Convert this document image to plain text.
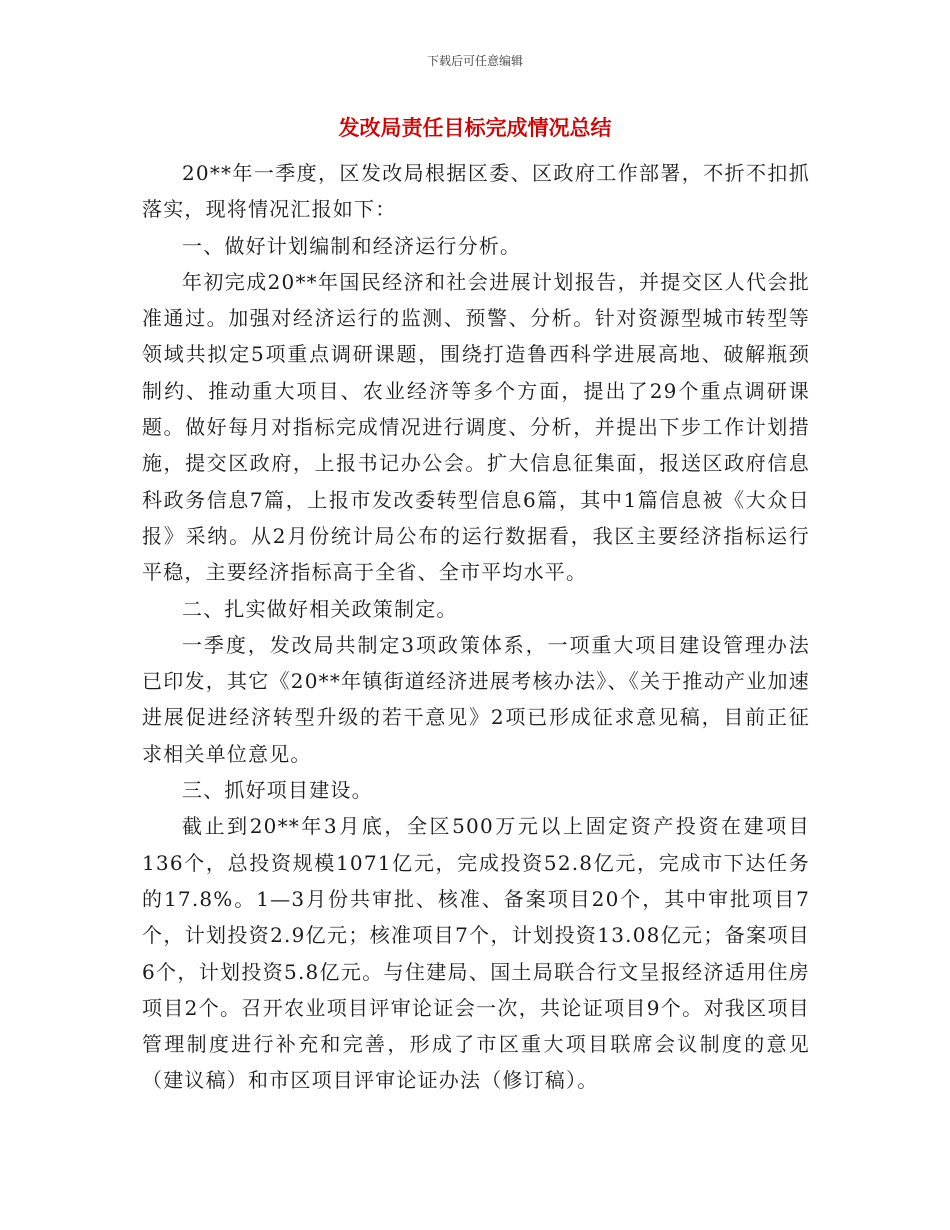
下载后可任意编辑
发改局责任目标完成情况总结

20**年一季度，区发改局根据区委、区政府工作部署，不折不扣抓落实，现将情况汇报如下：

一、做好计划编制和经济运行分析。

年初完成20**年国民经济和社会进展计划报告，并提交区人代会批准通过。加强对经济运行的监测、预警、分析。针对资源型城市转型等领域共拟定5项重点调研课题，围绕打造鲁西科学进展高地、破解瓶颈制约、推动重大项目、农业经济等多个方面，提出了29个重点调研课题。做好每月对指标完成情况进行调度、分析，并提出下步工作计划措施，提交区政府，上报书记办公会。扩大信息征集面，报送区政府信息科政务信息7篇，上报市发改委转型信息6篇，其中1篇信息被《大众日报》采纳。从2月份统计局公布的运行数据看，我区主要经济指标运行平稳，主要经济指标高于全省、全市平均水平。

二、扎实做好相关政策制定。

一季度，发改局共制定3项政策体系，一项重大项目建设管理办法已印发，其它《20**年镇街道经济进展考核办法》、《关于推动产业加速进展促进经济转型升级的若干意见》2项已形成征求意见稿，目前正征求相关单位意见。

三、抓好项目建设。

截止到20**年3月底，全区500万元以上固定资产投资在建项目136个，总投资规模1071亿元，完成投资52.8亿元，完成市下达任务的17.8%。1—3月份共审批、核准、备案项目20个，其中审批项目7个，计划投资2.9亿元；核准项目7个，计划投资13.08亿元；备案项目6个，计划投资5.8亿元。与住建局、国土局联合行文呈报经济适用住房项目2个。召开农业项目评审论证会一次，共论证项目9个。对我区项目管理制度进行补充和完善，形成了市区重大项目联席会议制度的意见（建议稿）和市区项目评审论证办法（修订稿）。
